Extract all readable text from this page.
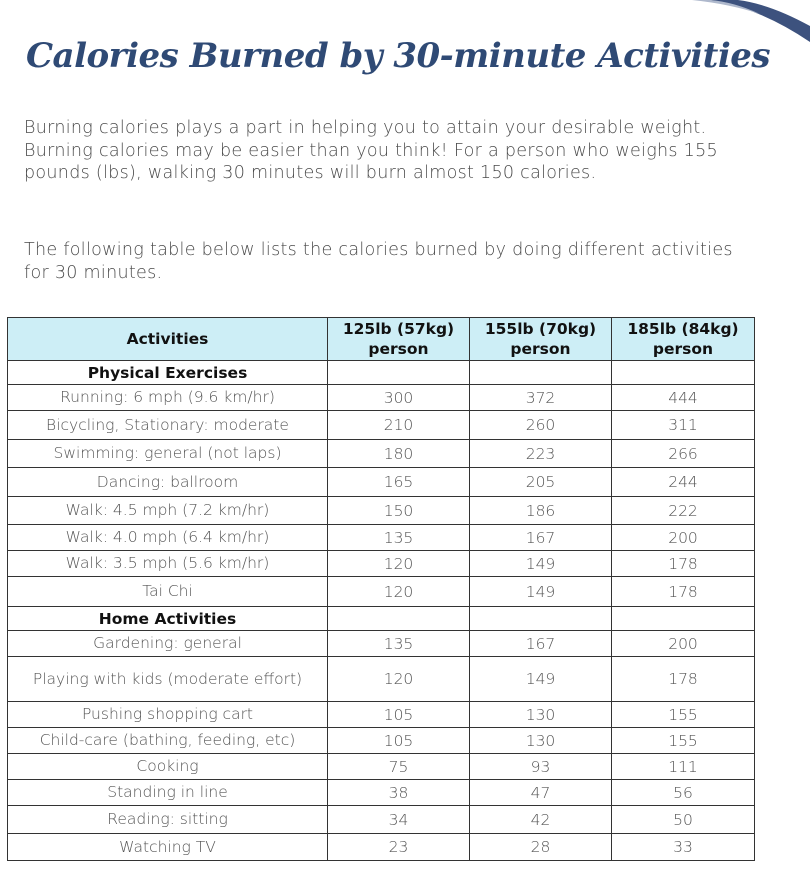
Calories Burned by 30-minute Activities

Burning calories plays a part in helping you to attain your desirable weight. Burning calories may be easier than you think! For a person who weighs 155 pounds (lbs), walking 30 minutes will burn almost 150 calories.

The following table below lists the calories burned by doing different activities for 30 minutes.

Activities	125lb (57kg) person	155lb (70kg) person	185lb (84kg) person
Physical Exercises			
Running: 6 mph (9.6 km/hr)	300	372	444
Bicycling, Stationary: moderate	210	260	311
Swimming: general (not laps)	180	223	266
Dancing: ballroom	165	205	244
Walk: 4.5 mph (7.2 km/hr)	150	186	222
Walk: 4.0 mph (6.4 km/hr)	135	167	200
Walk: 3.5 mph (5.6 km/hr)	120	149	178
Tai Chi	120	149	178
Home Activities			
Gardening: general	135	167	200
Playing with kids (moderate effort)	120	149	178
Pushing shopping cart	105	130	155
Child-care (bathing, feeding, etc)	105	130	155
Cooking	75	93	111
Standing in line	38	47	56
Reading: sitting	34	42	50
Watching TV	23	28	33
